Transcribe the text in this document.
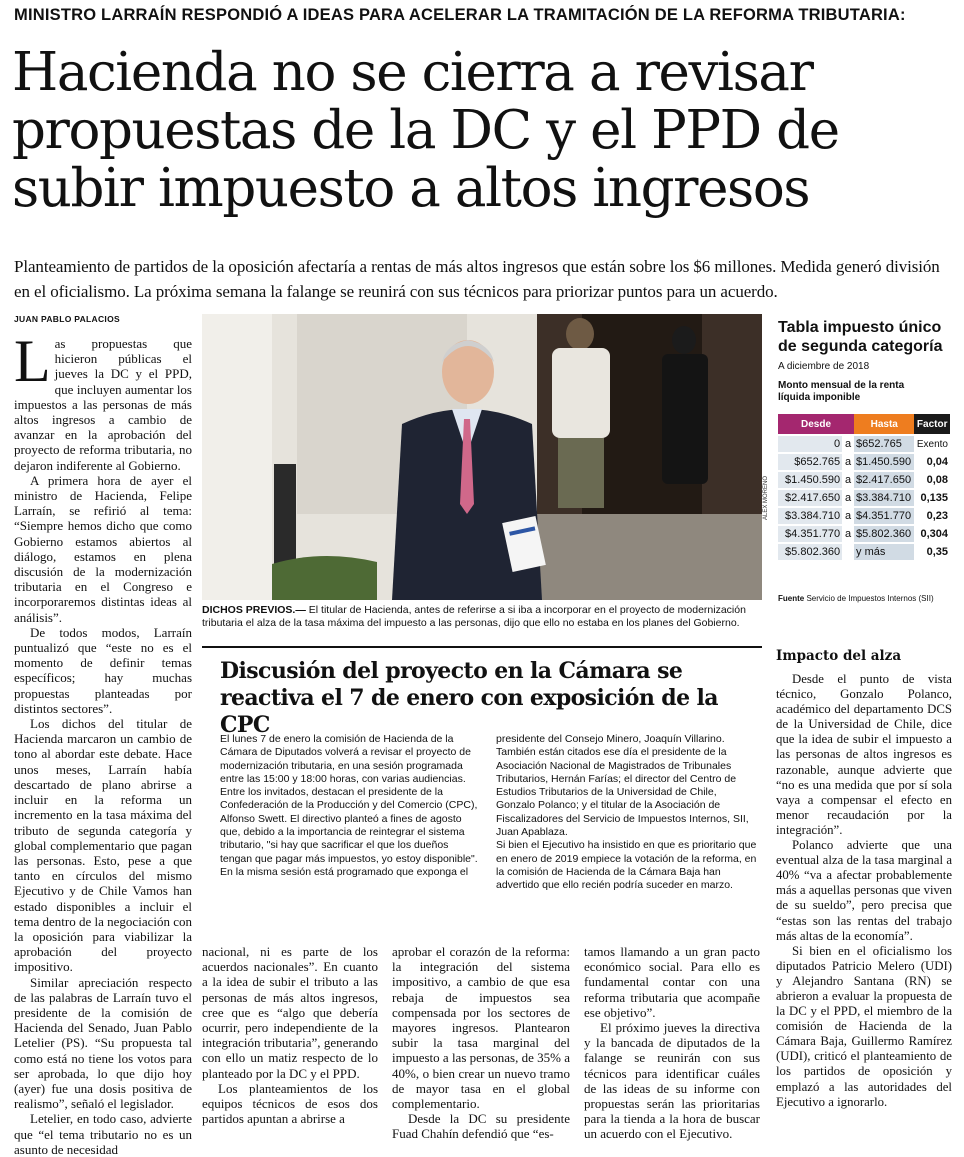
MINISTRO LARRAÍN RESPONDIÓ A IDEAS PARA ACELERAR LA TRAMITACIÓN DE LA REFORMA TRIBUTARIA:
Hacienda no se cierra a revisar
propuestas de la DC y el PPD de
subir impuesto a altos ingresos
Planteamiento de partidos de la oposición afectaría a rentas de más altos ingresos que están sobre los $6 millones. Medida generó división en el oficialismo. La próxima semana la falange se reunirá con sus técnicos para priorizar puntos para un acuerdo.
JUAN PABLO PALACIOS

Las propuestas que hicieron públicas el jueves la DC y el PPD, que incluyen aumentar los impuestos a las personas de más altos ingresos a cambio de avanzar en la aprobación del proyecto de reforma tributaria, no dejaron indiferente al Gobierno.

A primera hora de ayer el ministro de Hacienda, Felipe Larraín, se refirió al tema: “Siempre hemos dicho que como Gobierno estamos abiertos al diálogo, estamos en plena discusión de la modernización tributaria en el Congreso e incorporaremos distintas ideas al análisis”.

De todos modos, Larraín puntualizó que “este no es el momento de definir temas específicos; hay muchas propuestas planteadas por distintos sectores”.

Los dichos del titular de Hacienda marcaron un cambio de tono al abordar este debate. Hace unos meses, Larraín había descartado de plano abrirse a incluir en la reforma un incremento en la tasa máxima del tributo de segunda categoría y global complementario que pagan las personas. Esto, pese a que tanto en círculos del mismo Ejecutivo y de Chile Vamos han estado disponibles a incluir el tema dentro de la negociación con la oposición para viabilizar la aprobación del proyecto impositivo.

Similar apreciación respecto de las palabras de Larraín tuvo el presidente de la comisión de Hacienda del Senado, Juan Pablo Letelier (PS). “Su propuesta tal como está no tiene los votos para ser aprobada, lo que dijo hoy (ayer) fue una dosis positiva de realismo”, señaló el legislador.

Letelier, en todo caso, advierte que “el tema tributario no es un asunto de necesidad

ALEX MORENO
DICHOS PREVIOS.— El titular de Hacienda, antes de referirse a si iba a incorporar en el proyecto de modernización tributaria el alza de la tasa máxima del impuesto a las personas, dijo que ello no estaba en los planes del Gobierno.
Tabla impuesto único de segunda categoría
A diciembre de 2018
Monto mensual de la renta líquida imponible
Desde		Hasta	Factor
0	a	$652.765	Exento
$652.765	a	$1.450.590	0,04
$1.450.590	a	$2.417.650	0,08
$2.417.650	a	$3.384.710	0,135
$3.384.710	a	$4.351.770	0,23
$4.351.770	a	$5.802.360	0,304
$5.802.360		y más	0,35
Fuente Servicio de Impuestos Internos (SII)
Discusión del proyecto en la Cámara se reactiva el 7 de enero con exposición de la CPC

El lunes 7 de enero la comisión de Hacienda de la Cámara de Diputados volverá a revisar el proyecto de modernización tributaria, en una sesión programada entre las 15:00 y 18:00 horas, con varias audiencias. Entre los invitados, destacan el presidente de la Confederación de la Producción y del Comercio (CPC), Alfonso Swett. El directivo planteó a fines de agosto que, debido a la importancia de reintegrar el sistema tributario, "si hay que sacrificar el que los dueños tengan que pagar más impuestos, yo estoy disponible".

En la misma sesión está programado que exponga el

presidente del Consejo Minero, Joaquín Villarino. También están citados ese día el presidente de la Asociación Nacional de Magistrados de Tribunales Tributarios, Hernán Farías; el director del Centro de Estudios Tributarios de la Universidad de Chile, Gonzalo Polanco; y el titular de la Asociación de Fiscalizadores del Servicio de Impuestos Internos, SII, Juan Apablaza.

Si bien el Ejecutivo ha insistido en que es prioritario que en enero de 2019 empiece la votación de la reforma, en la comisión de Hacienda de la Cámara Baja han advertido que ello recién podría suceder en marzo.

nacional, ni es parte de los acuerdos nacionales”. En cuanto a la idea de subir el tributo a las personas de más altos ingresos, cree que es “algo que debería ocurrir, pero independiente de la integración tributaria”, generando con ello un matiz respecto de lo planteado por la DC y el PPD.

Los planteamientos de los equipos técnicos de esos dos partidos apuntan a abrirse a

aprobar el corazón de la reforma: la integración del sistema impositivo, a cambio de que esa rebaja de impuestos sea compensada por los sectores de mayores ingresos. Plantearon subir la tasa marginal del impuesto a las personas, de 35% a 40%, o bien crear un nuevo tramo de mayor tasa en el global complementario.

Desde la DC su presidente Fuad Chahín defendió que “es-

tamos llamando a un gran pacto económico social. Para ello es fundamental contar con una reforma tributaria que acompañe ese objetivo”.

El próximo jueves la directiva y la bancada de diputados de la falange se reunirán con sus técnicos para identificar cuáles de las ideas de su informe con propuestas serán las prioritarias para la tienda a la hora de buscar un acuerdo con el Ejecutivo.

Impacto del alza

Desde el punto de vista técnico, Gonzalo Polanco, académico del departamento DCS de la Universidad de Chile, dice que la idea de subir el impuesto a las personas de altos ingresos es razonable, aunque advierte que “no es una medida que por sí sola vaya a compensar el efecto en menor recaudación por la integración”.

Polanco advierte que una eventual alza de la tasa marginal a 40% “va a afectar probablemente más a aquellas personas que viven de su sueldo”, pero precisa que “estas son las rentas del trabajo más altas de la economía”.

Si bien en el oficialismo los diputados Patricio Melero (UDI) y Alejandro Santana (RN) se abrieron a evaluar la propuesta de la DC y el PPD, el miembro de la comisión de Hacienda de la Cámara Baja, Guillermo Ramírez (UDI), criticó el planteamiento de los partidos de oposición y emplazó a las autoridades del Ejecutivo a ignorarlo.
